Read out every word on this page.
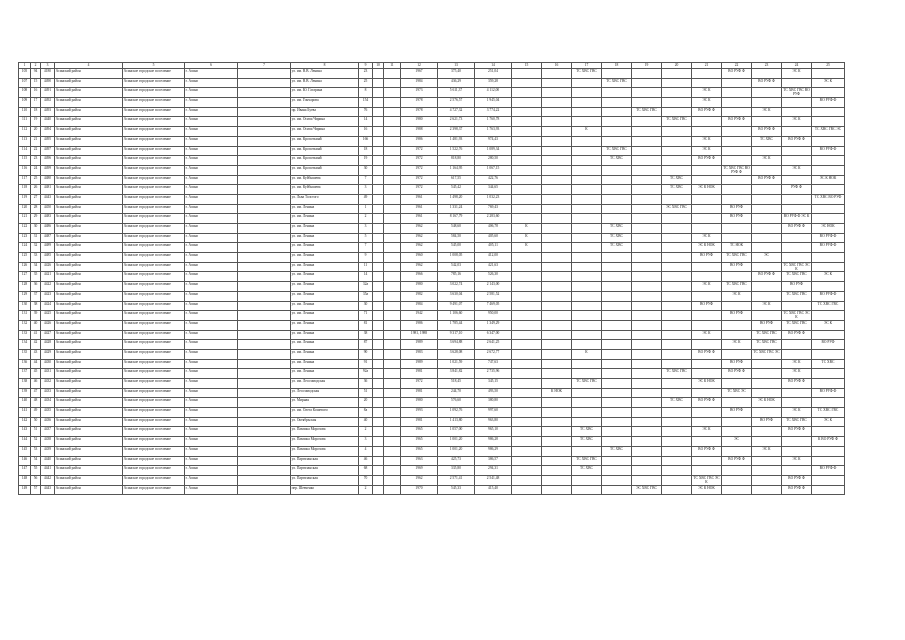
1	2	3	4	5	6	7	8	9	10	11	12	13	14	15	16	17	18	19	20	21	22	23	24	25
105	94	4180	Асинский район	Асинское городское поселение	г. Асино		ул. им. В.В. Ленина	23			1967	375,40	251,04			ТС ХВС ГВС					ВО РУФ Ф		ЭС К	
107	15	4490	Асинский район	Асинское городское поселение	г. Асино		ул. им. В.В. Ленина	25			1984	436,29	359,28				ТС ХВС ГВС					ВО РУФ Ф		ЭС К
108	16	4491	Асинский район	Асинское городское поселение	г. Асино		ул. им. Ю. Гагарина	8			1973	5 611,37	4 112,00							ЭС К			ТС ХВС ГВС ВО РУФ	
109	17	4492	Асинский район	Асинское городское поселение	г. Асино		ул. им. Гончарова	154			1978	2 576,57	1 945,04							ЭС К				ВО РУФ Ф
110	18	4493	Асинский район	Асинское городское поселение	г. Асино		пр. Ивана Буева	76			1978	4 727,32	3 774,22					ТС ХВС ГВС		ВО РУФ Ф		ЭС К		
111	19	4440	Асинский район	Асинское городское поселение	г. Асино		ул. им. Осипа Чирина	14			1980	2 621,73	1 760,78						ТС ХВС ГВС		ВО РУФ Ф		ЭС К	
112	20	4494	Асинский район	Асинское городское поселение	г. Асино		ул. им. Осипа Чирина	16			1988	2 398,37	1 763,93			К						ВО РУФ Ф		ТС ХВС ГВС ЭС
113	21	4495	Асинский район	Асинское городское поселение	г. Асино		ул. им. Кропоткинй	166			1986	1 481,93	974,43							ЭС К		ТС ХВС	ВО РУФ Ф	
114	22	4497	Асинский район	Асинское городское поселение	г. Асино		ул. им. Кропоткинй	18			1972	1 522,76	1 089,34				ТС ХВС ГВС			ЭС К				ВО РУФ Ф
115	23	4496	Асинский район	Асинское городское поселение	г. Асино		ул. им. Кропоткинй	19			1972	818,80	280,50				ТС ХВС			ВО РУФ Ф		ЭС К		
116	24	4499	Асинский район	Асинское городское поселение	г. Асино		ул. им. Кропоткинй	30			1972	1 164,95	1 067,15								ТС ХВС ГВС ВО РУФ Ф		ЭС К	
117	25	4480	Асинский район	Асинское городское поселение	г. Асино		ул. им. Куйбышева	7			1972	617,55	422,76						ТС ХВС			ВО РУФ Ф		ЭС К НОК
118	26	4481	Асинский район	Асинское городское поселение	г. Асино		ул. им. Куйбышева	3			1972	545,42	344,65						ТС ХВС	ЭС К НОК			РУФ Ф	
119	27	4443	Асинский район	Асинское городское поселение	г. Асино		ул. Льва Толстого	49			1961	1 498,20	1 032,23											ТС ХВС ВО РУФ
120	28	4450	Асинский район	Асинское городское поселение	г. Асино		ул. им. Ленина	1			1961	1 331,24	769,43						ЭС ХВС ГВС		ВО РУФ			
121	29	4483	Асинский район	Асинское городское поселение	г. Асино		ул. им. Ленина	2			1961	8 167,79	2 283,60								ВО РУФ		ВО РУФ Ф ЭС К	
122	30	4486	Асинский район	Асинское городское поселение	г. Асино		ул. им. Ленина	3			1962	548,60	406,78	К			ТС ХВС						ВО РУФ Ф	ЭС НОК
123	31	4487	Асинский район	Асинское городское поселение	г. Асино		ул. им. Ленина	5			1962	584,50	405,60	К			ТС ХВС			ЭС К				ВО РУФ Ф
124	32	4489	Асинский район	Асинское городское поселение	г. Асино		ул. им. Ленина	7			1962	545,00	405,11	К			ТС ХВС			ЭС К НОК	ТС НОК			ВО РУФ Ф
125	33	4485	Асинский район	Асинское городское поселение	г. Асино		ул. им. Ленина	9			1960	1 008,05	412,00							ВО РУФ	ТС ХВС ГВС	ЭС		
126	34	4426	Асинский район	Асинское городское поселение	г. Асино		ул. им. Ленина	11			1962	542,03	421,63								ВО РУФ		ТС ХВС ГВС ЭС К	
127	35	4421	Асинский район	Асинское городское поселение	г. Асино		ул. им. Ленина	14			1966	785,16	526,30									ВО РУФ Ф	ТС ХВС ГВС	ЭС К
128	36	4422	Асинский район	Асинское городское поселение	г. Асино		ул. им. Ленина	32а			1980	3 022,74	2 143,00							ЭС К	ТС ХВС ГВС		ВО РУФ	
129	37	4423	Асинский район	Асинское городское поселение	г. Асино		ул. им. Ленина	35а			1982	3 630,04	2 581,52								ЭС К		ТС ХВС ГВС	ВО РУФ Ф
130	38	4424	Асинский район	Асинское городское поселение	г. Асино		ул. им. Ленина	30			1984	9 491,07	7 469,05							ВО РУФ		ЭС К		ТС ХВС ГВС
131	39	4425	Асинский район	Асинское городское поселение	г. Асино		ул. им. Ленина	71			1942	1 106,60	950,00								ВО РУФ		ТС ХВС ГВС ЭС К	
132	40	4426	Асинский район	Асинское городское поселение	г. Асино		ул. им. Ленина	81			1986	1 785,44	1 349,29									ВО РУФ	ТС ХВС ГВС	ЭС К
133	41	4427	Асинский район	Асинское городское поселение	г. Асино		ул. им. Ленина	38			1981, 1988	9 317,10	6 347,00							ЭС К		ТС ХВС ГВС	ВО РУФ Ф	
134	42	4428	Асинский район	Асинское городское поселение	г. Асино		ул. им. Ленина	87			1989	3 694,88	2 641,25								ЭС К	ТС ХВС ГВС		ВО РУФ
135	43	4429	Асинский район	Асинское городское поселение	г. Асино		ул. им. Ленина	90			1983	3 628,08	2 672,77			К				ВО РУФ Ф		ТС ХВС ГВС ЭС		
136	44	4430	Асинский район	Асинское городское поселение	г. Асино		ул. им. Ленина	91			1989	1 021,59	747,63								ВО РУФ		ЭС К	ТС ХВС
137	45	4431	Асинский район	Асинское городское поселение	г. Асино		ул. им. Ленина	92а			1981	3 841,82	2 735,96						ТС ХВС ГВС		ВО РУФ Ф		ЭС К	
138	46	4432	Асинский район	Асинское городское поселение	г. Асино		ул. им. Лесозаводская	36			1972	518,45	345,15			ТС ХВС ГВС				ЭС К НОК			ВО РУФ Ф	
139	47	4433	Асинский район	Асинское городское поселение	г. Асино		ул. Лесозаводская	51			1981	244,70	493,50		К НОК						ТС ХВС ЭС			ВО РУФ Ф
140	48	4434	Асинский район	Асинское городское поселение	г. Асино		ул. Мирная	20			1980	576,60	380,80						ТС ХВС	ВО РУФ Ф		ЭС К НОК		
141	49	4435	Асинский район	Асинское городское поселение	г. Асино		ул. им. Олега Кошевого	8а			1993	1 092,76	997,60								ВО РУФ		ЭС К	ТС ХВС ГВС
142	50	4436	Асинский район	Асинское городское поселение	г. Асино		ул. Октябрьская	40			1981	1 413,80	963,80									ВО РУФ	ТС ХВС ГВС	ЭС К
143	51	4437	Асинский район	Асинское городское поселение	г. Асино		ул. Павлика Морозова	2			1965	1 057,00	965,10			ТС ХВС				ЭС К			ВО РУФ Ф	
144	52	4438	Асинский район	Асинское городское поселение	г. Асино		ул. Павлика Морозова	3			1965	1 001,20	986,28			ТС ХВС					ЭС			К ВО РУФ Ф
145	53	4439	Асинский район	Асинское городское поселение	г. Асино		ул. Павлика Морозова	4			1965	1 001,20	986,29				ТС ХВС			ВО РУФ Ф		ЭС К		
146	54	4440	Асинский район	Асинское городское поселение	г. Асино		ул. Партизанская	46			1963	425,73	386,57			ТС ХВС ГВС					ВО РУФ Ф		ЭС К	
147	55	4441	Асинский район	Асинское городское поселение	г. Асино		ул. Партизанская	68			1969	335,80	294,31			ТС ХВС								ВО РУФ Ф
148	56	4442	Асинский район	Асинское городское поселение	г. Асино		ул. Партизанская	70			1962	2 571,41	2 541,48							ТС ХВС ГВС ЭС К			ВО РУФ Ф	
149	57	4443	Асинский район	Асинское городское поселение	г. Асино		пер. Шевченко	2			1970	545,33	415,40					ЭС ХВС ГВС		ЭС К НОК			ВО РУФ Ф	
